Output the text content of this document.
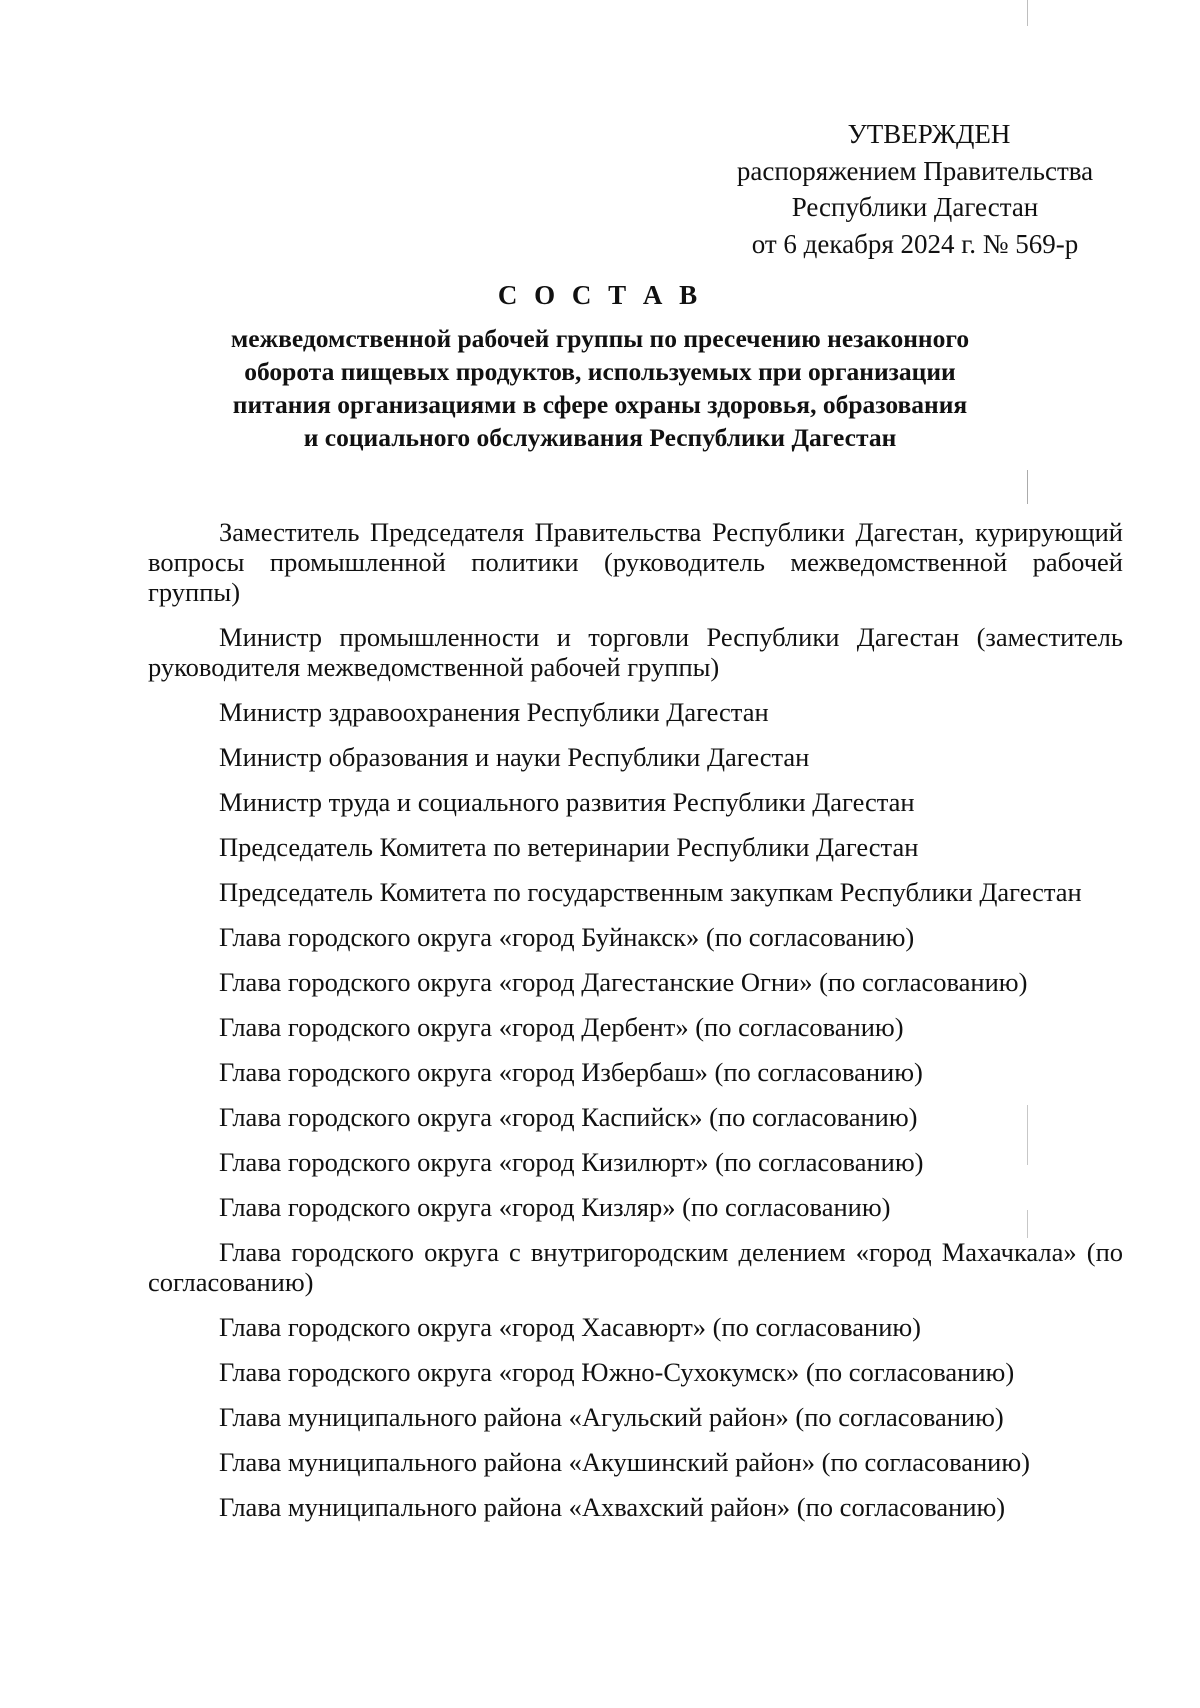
УТВЕРЖДЕН
распоряжением Правительства
Республики Дагестан
от 6 декабря 2024 г. № 569-р
С О С Т А В
межведомственной рабочей группы по пресечению незаконного
оборота пищевых продуктов, используемых при организации
питания организациями в сфере охраны здоровья, образования
и социального обслуживания Республики Дагестан

Заместитель Председателя Правительства Республики Дагестан, курирующий вопросы промышленной политики (руководитель межведомственной рабочей группы)

Министр промышленности и торговли Республики Дагестан (заместитель руководителя межведомственной рабочей группы)

Министр здравоохранения Республики Дагестан

Министр образования и науки Республики Дагестан

Министр труда и социального развития Республики Дагестан

Председатель Комитета по ветеринарии Республики Дагестан

Председатель Комитета по государственным закупкам Республики Дагестан

Глава городского округа «город Буйнакск» (по согласованию)

Глава городского округа «город Дагестанские Огни» (по согласованию)

Глава городского округа «город Дербент» (по согласованию)

Глава городского округа «город Избербаш» (по согласованию)

Глава городского округа «город Каспийск» (по согласованию)

Глава городского округа «город Кизилюрт» (по согласованию)

Глава городского округа «город Кизляр» (по согласованию)

Глава городского округа с внутригородским делением «город Махачкала» (по согласованию)

Глава городского округа «город Хасавюрт» (по согласованию)

Глава городского округа «город Южно-Сухокумск» (по согласованию)

Глава муниципального района «Агульский район» (по согласованию)

Глава муниципального района «Акушинский район» (по согласованию)

Глава муниципального района «Ахвахский район» (по согласованию)
